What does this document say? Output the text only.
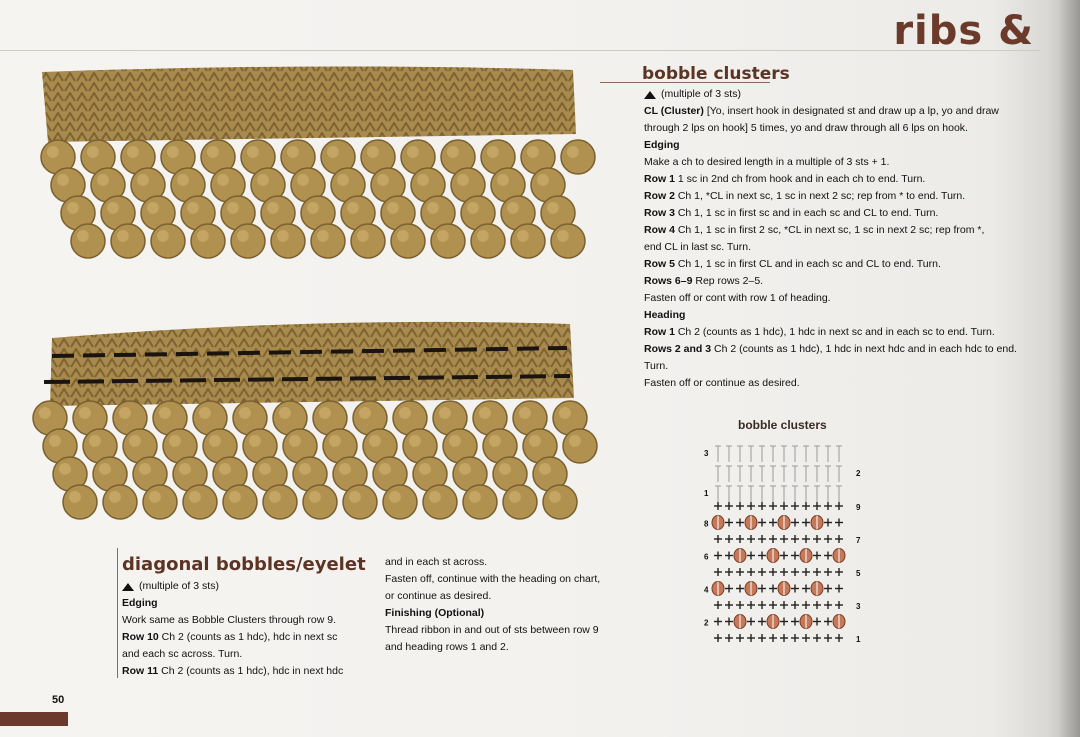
ribs &
bobble clusters

(multiple of 3 sts)

CL (Cluster) [Yo, insert hook in designated st and draw up a lp, yo and draw

through 2 lps on hook] 5 times, yo and draw through all 6 lps on hook.

Edging

Make a ch to desired length in a multiple of 3 sts + 1.

Row 1 1 sc in 2nd ch from hook and in each ch to end. Turn.

Row 2 Ch 1, *CL in next sc, 1 sc in next 2 sc; rep from * to end. Turn.

Row 3 Ch 1, 1 sc in first sc and in each sc and CL to end. Turn.

Row 4 Ch 1, 1 sc in first 2 sc, *CL in next sc, 1 sc in next 2 sc; rep from *,

end CL in last sc. Turn.

Row 5 Ch 1, 1 sc in first CL and in each sc and CL to end. Turn.

Rows 6–9 Rep rows 2–5.

Fasten off or cont with row 1 of heading.

Heading

Row 1 Ch 2 (counts as 1 hdc), 1 hdc in next sc and in each sc to end. Turn.

Rows 2 and 3 Ch 2 (counts as 1 hdc), 1 hdc in next hdc and in each hdc to end.

Turn.

Fasten off or continue as desired.

bobble clusters
1
2
3
4
5
6
7
8
9
1
2
3
diagonal bobbles/eyelet

(multiple of 3 sts)

Edging

Work same as Bobble Clusters through row 9.

Row 10 Ch 2 (counts as 1 hdc), hdc in next sc

and each sc across. Turn.

Row 11 Ch 2 (counts as 1 hdc), hdc in next hdc

and in each st across.

Fasten off, continue with the heading on chart,

or continue as desired.

Finishing (Optional)

Thread ribbon in and out of sts between row 9

and heading rows 1 and 2.

50
